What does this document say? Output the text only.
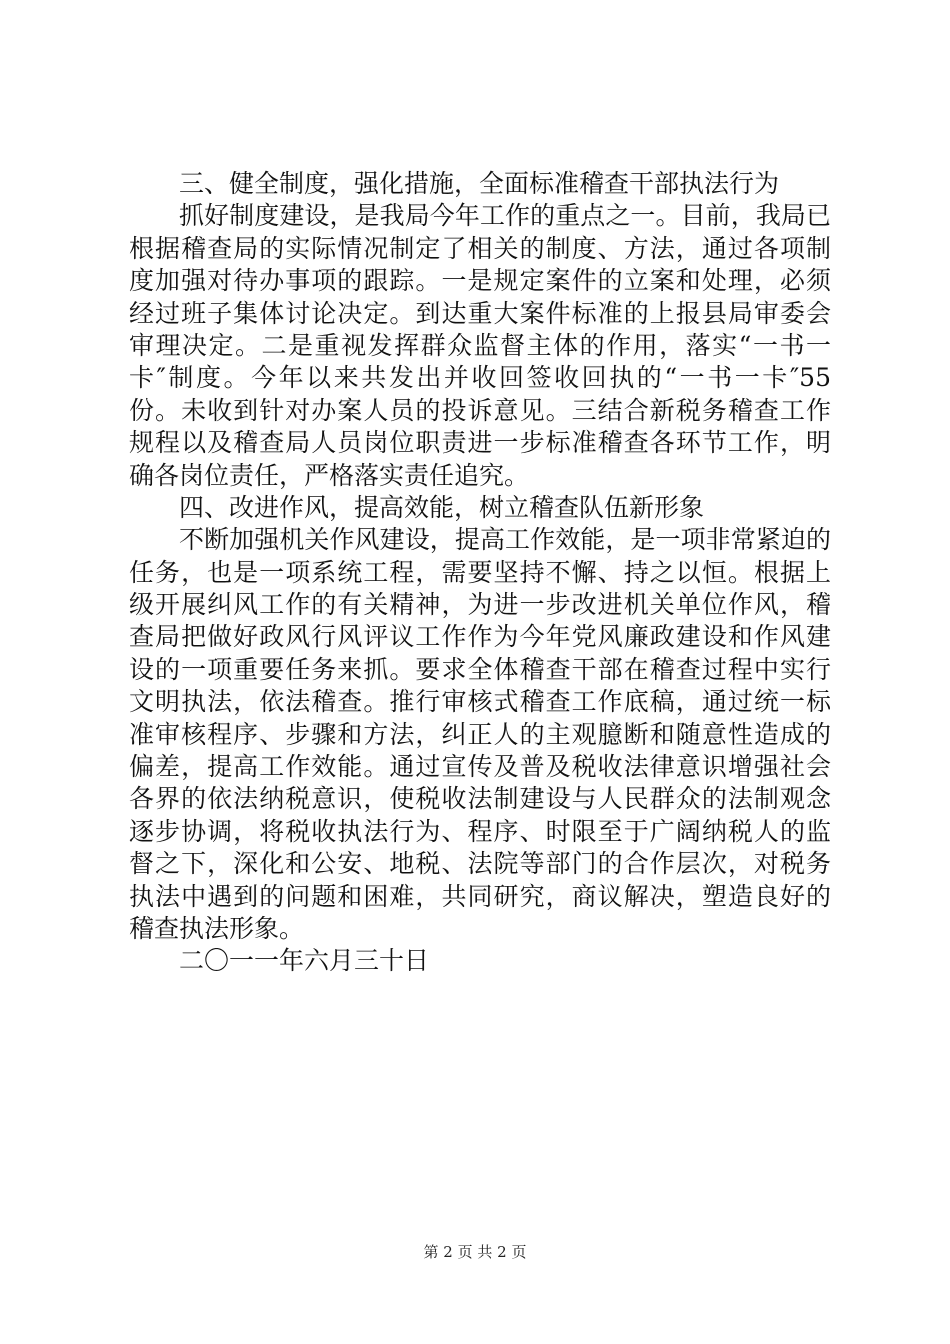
三、健全制度，强化措施，全面标准稽查干部执法行为
抓好制度建设，是我局今年工作的重点之一。目前，我局已
根据稽查局的实际情况制定了相关的制度、方法，通过各项制
度加强对待办事项的跟踪。一是规定案件的立案和处理，必须
经过班子集体讨论决定。到达重大案件标准的上报县局审委会
审理决定。二是重视发挥群众监督主体的作用，落实“一书一
卡″制度。今年以来共发出并收回签收回执的“一书一卡″55
份。未收到针对办案人员的投诉意见。三结合新税务稽查工作
规程以及稽查局人员岗位职责进一步标准稽查各环节工作，明
确各岗位责任，严格落实责任追究。
四、改进作风，提高效能，树立稽查队伍新形象
不断加强机关作风建设，提高工作效能，是一项非常紧迫的
任务，也是一项系统工程，需要坚持不懈、持之以恒。根据上
级开展纠风工作的有关精神，为进一步改进机关单位作风，稽
查局把做好政风行风评议工作作为今年党风廉政建设和作风建
设的一项重要任务来抓。要求全体稽查干部在稽查过程中实行
文明执法，依法稽查。推行审核式稽查工作底稿，通过统一标
准审核程序、步骤和方法，纠正人的主观臆断和随意性造成的
偏差，提高工作效能。通过宣传及普及税收法律意识增强社会
各界的依法纳税意识，使税收法制建设与人民群众的法制观念
逐步协调，将税收执法行为、程序、时限至于广阔纳税人的监
督之下，深化和公安、地税、法院等部门的合作层次，对税务
执法中遇到的问题和困难，共同研究，商议解决，塑造良好的
稽查执法形象。
二〇一一年六月三十日
第 2 页 共 2 页
